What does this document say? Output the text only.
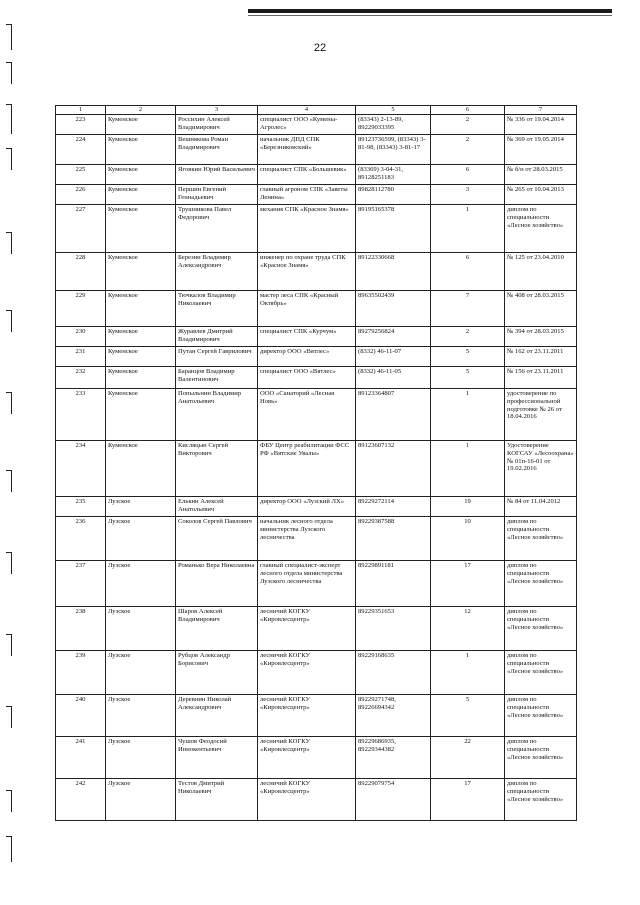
22
1	2	3	4	5	6	7
223	Куменское	Россихин Алексей Владимирович	специалист ООО «Кумены-Агролес»	(83343) 2-13-89, 89229033395	2	№ 336 от 19.04.2014
224	Куменское	Вешнякова Роман Владимирович	начальник ДПД СПК «Березниковский»	89123736599, (83343) 3-81-98, (83343) 3-81-17	2	№ 369 от 19.05.2014
225	Куменское	Яговкин Юрий Васильевич	специалист СПК «Большевик»	(83369) 3-04-31, 89128251183	6	№ б/н от 28.03.2015
226	Куменское	Першин Евгений Геннадьевич	главный агроном СПК «Заветы Ленина»	89828112780	3	№ 265 от 10.04.2013
227	Куменское	Трушникова Павел Федорович	механик СПК «Красное Знамя»	89195165378	1	диплом по специальности «Лесное хозяйство»
228	Куменское	Березин Владимир Александрович	инженер по охране труда СПК «Красное Знамя»	89122330668	6	№ 125 от 23.04.2010
229	Куменское	Тючкалов Владимир Николаевич	мастер леса СПК «Красный Октябрь»	89635502439	7	№ 408 от 28.03.2015
230	Куменское	Журавлев Дмитрий Владимирович	специалист СПК «Курчум»	89279256824	2	№ 394 от 28.03.2015
231	Куменское	Путан Сергей Гаврилович	директор ООО «Вятлес»	(8332) 46-11-07	5	№ 162 от 23.11.2011
232	Куменское	Баранцов Владимир Валентинович	специалист ООО «Вятлес»	(8332) 46-11-05	5	№ 156 от 23.11.2011
233	Куменское	Попыльнин Владимир Анатольевич	ООО «Санаторий «Лесная Новь»	89123364807	1	удостоверение по профессиональной подготовке № 26 от 18.04.2016
234	Куменское	Кисляцын Сергей Викторович	ФБУ Центр реабилитации ФСС РФ «Вятские Увалы»	89123607132	1	Удостоверение КОГСАУ «Лесоохрана» № 01п-16-01 от 19.02.2016
235	Лузское	Елькин Алексей Анатольевич	директор ООО «Лузский ЛХ»	89229272114	19	№ 84 от 11.04.2012
236	Лузское	Соколов Сергей Павлович	начальник лесного отдела министерства Лузского лесничества	89229387588	10	диплом по специальности «Лесное хозяйство»
237	Лузское	Романько Вера Николаевна	главный специалист-эксперт лесного отдела министерства Лузского лесничества	89229891181	17	диплом по специальности «Лесное хозяйство»
238	Лузское	Шаров Алексей Владимирович	лесничий КОГКУ «Кировлесцентр»	89229351653	12	диплом по специальности «Лесное хозяйство»
239	Лузское	Рубцов Александр Борисович	лесничий КОГКУ «Кировлесцентр»	89229168635	1	диплом по специальности «Лесное хозяйство»
240	Лузское	Деревнин Николай Александрович	лесничий КОГКУ «Кировлесцентр»	89229271748, 89226694342	5	диплом по специальности «Лесное хозяйство»
241	Лузское	Чушов Феодосий Иннокентьевич	лесничий КОГКУ «Кировлесцентр»	89229686935, 89229344382	22	диплом по специальности «Лесное хозяйство»
242	Лузское	Тестов Дмитрий Николаевич	лесничий КОГКУ «Кировлесцентр»	89229079754	17	диплом по специальности «Лесное хозяйство»
